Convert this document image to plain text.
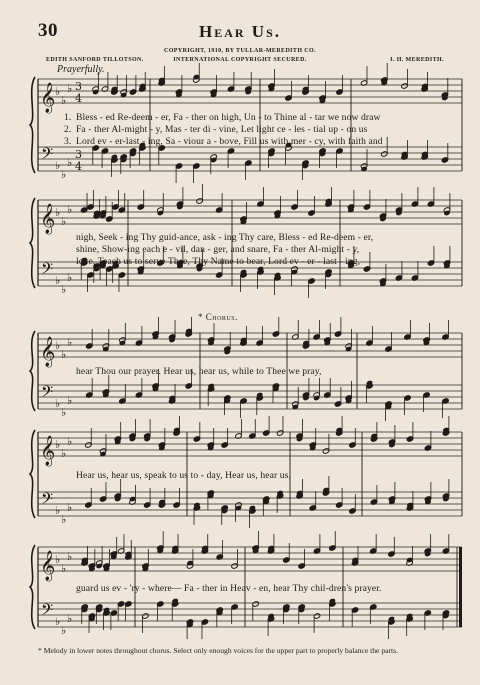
30	Hear Us.
COPYRIGHT, 1910, BY TULLAR-MEREDITH CO.
INTERNATIONAL COPYRIGHT SECURED.
EDITH SANFORD TILLOTSON.	I. H. MEREDITH.
Prayerfully.
* Chorus.
𝄞
𝄢
♭
♭
♭
♭
♭
♭
3
4
3
4
𝄞
𝄢
♭
♭
♭
♭
♭
♭
𝄞
𝄢
♭
♭
♭
♭
♭
♭
𝄞
𝄢
♭
♭
♭
♭
♭
♭
𝄞
𝄢
♭
♭
♭
♭
♭
♭
1. Bless - ed Re-deem - er, Fa - ther on high, Un - to Thine al - tar we now draw
2. Fa - ther Al-might - y, Mas - ter di - vine, Let light ce - les - tial up - on us
3. Lord ev - er-last - ing, Sa - viour a - bove, Fill us with mer - cy, with faith and
nigh, Seek - ing Thy guid-ance, ask - ing Thy care, Bless - ed Re-deem - er,
shine, Show-ing each e - vil, dan - ger, and snare, Fa - ther Al-might - y,
love, Teach us to serve Thee, Thy Name to bear, Lord ev - er - last - ing,
hear Thou our prayer. Hear us, hear us, while to Thee we pray,
Hear us, hear us, speak to us to - day, Hear us, hear us,
guard us ev - 'ry - where— Fa - ther in Heav - en, hear Thy chil-dren's prayer.
* Melody in lower notes throughout chorus. Select only enough voices for the upper part to properly balance the parts.
